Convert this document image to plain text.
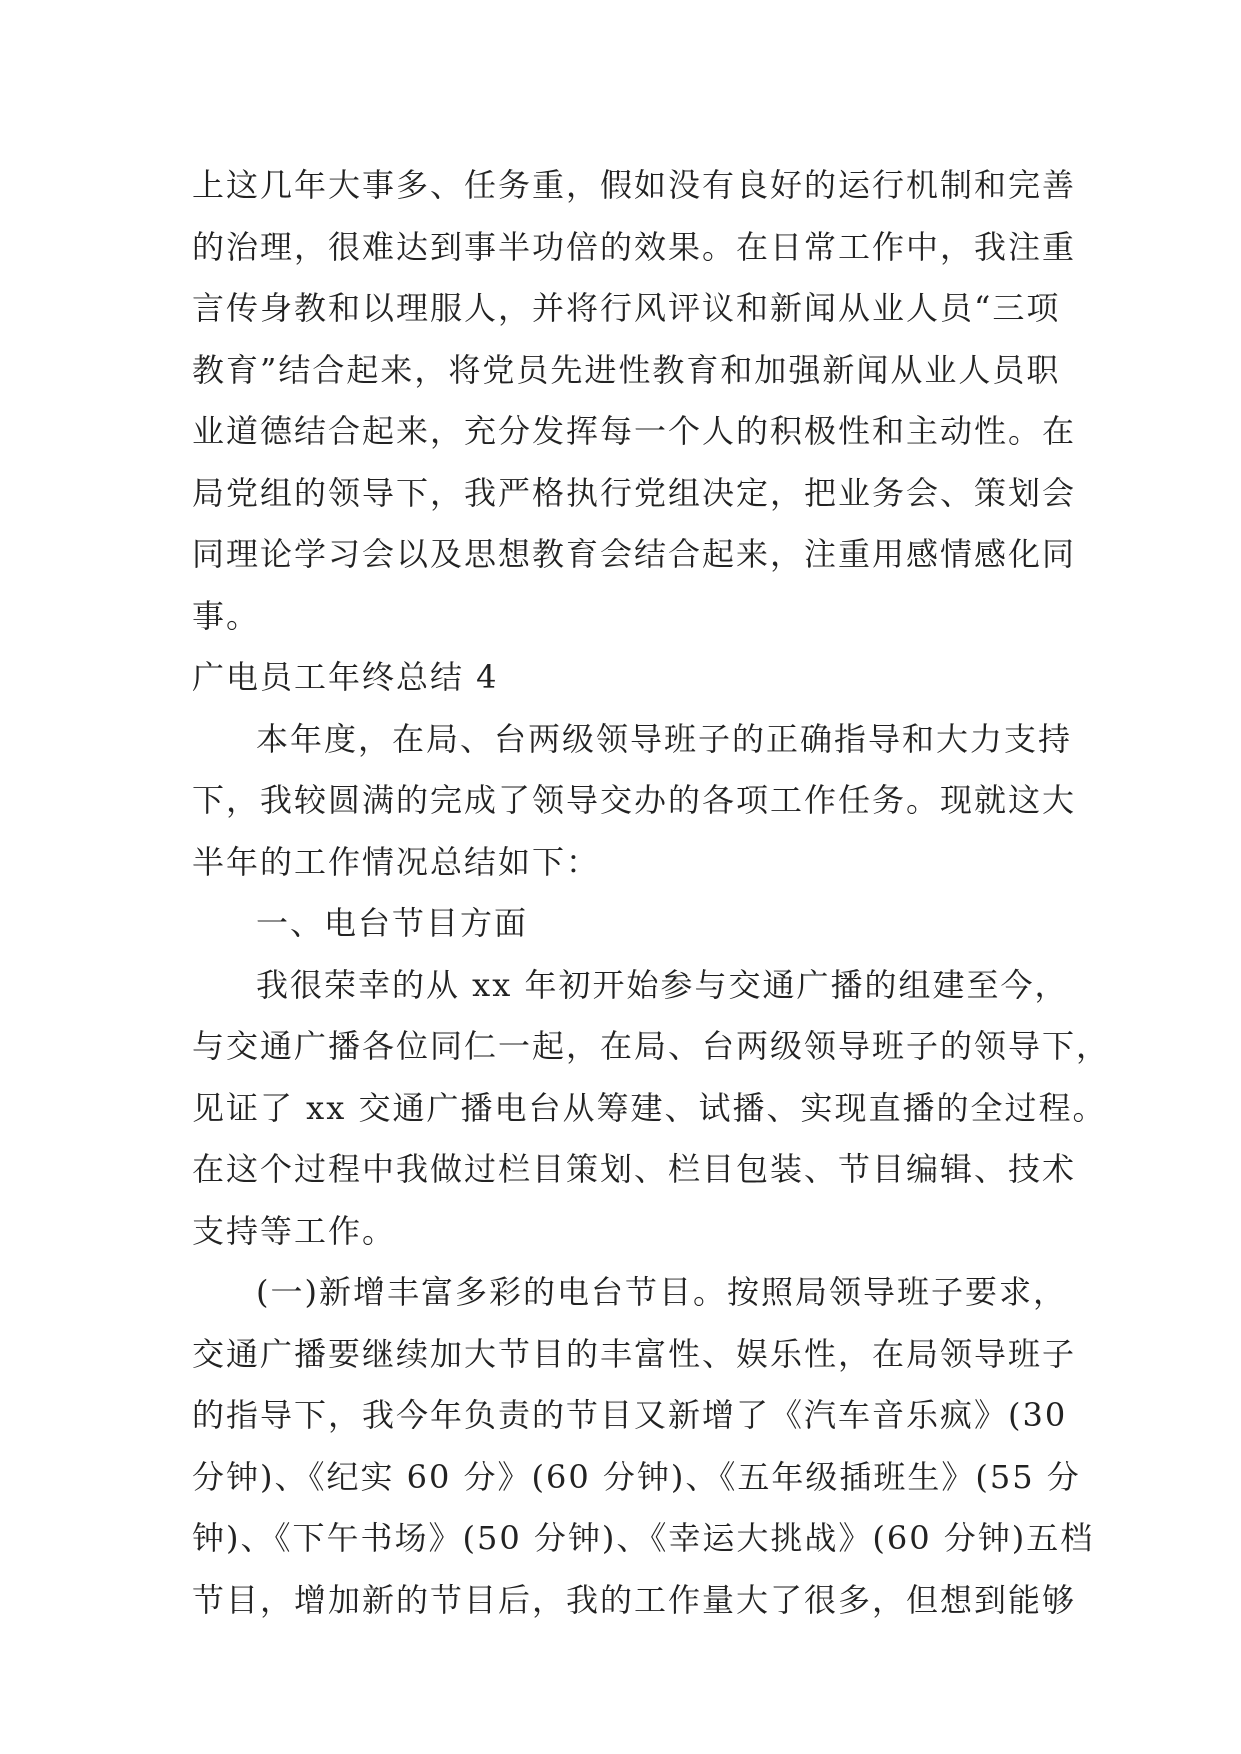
上这几年大事多、任务重，假如没有良好的运行机制和完善
的治理，很难达到事半功倍的效果。在日常工作中，我注重
言传身教和以理服人，并将行风评议和新闻从业人员“三项
教育”结合起来，将党员先进性教育和加强新闻从业人员职
业道德结合起来，充分发挥每一个人的积极性和主动性。在
局党组的领导下，我严格执行党组决定，把业务会、策划会
同理论学习会以及思想教育会结合起来，注重用感情感化同
事。
广电员工年终总结 4
本年度，在局、台两级领导班子的正确指导和大力支持
下，我较圆满的完成了领导交办的各项工作任务。现就这大
半年的工作情况总结如下：
一、电台节目方面
我很荣幸的从 xx 年初开始参与交通广播的组建至今，
与交通广播各位同仁一起，在局、台两级领导班子的领导下，
见证了 xx 交通广播电台从筹建、试播、实现直播的全过程。
在这个过程中我做过栏目策划、栏目包装、节目编辑、技术
支持等工作。
(一)新增丰富多彩的电台节目。按照局领导班子要求，
交通广播要继续加大节目的丰富性、娱乐性，在局领导班子
的指导下，我今年负责的节目又新增了《汽车音乐疯》(30
分钟)、《纪实 60 分》(60 分钟)、《五年级插班生》(55 分
钟)、《下午书场》(50 分钟)、《幸运大挑战》(60 分钟)五档
节目，增加新的节目后，我的工作量大了很多，但想到能够
